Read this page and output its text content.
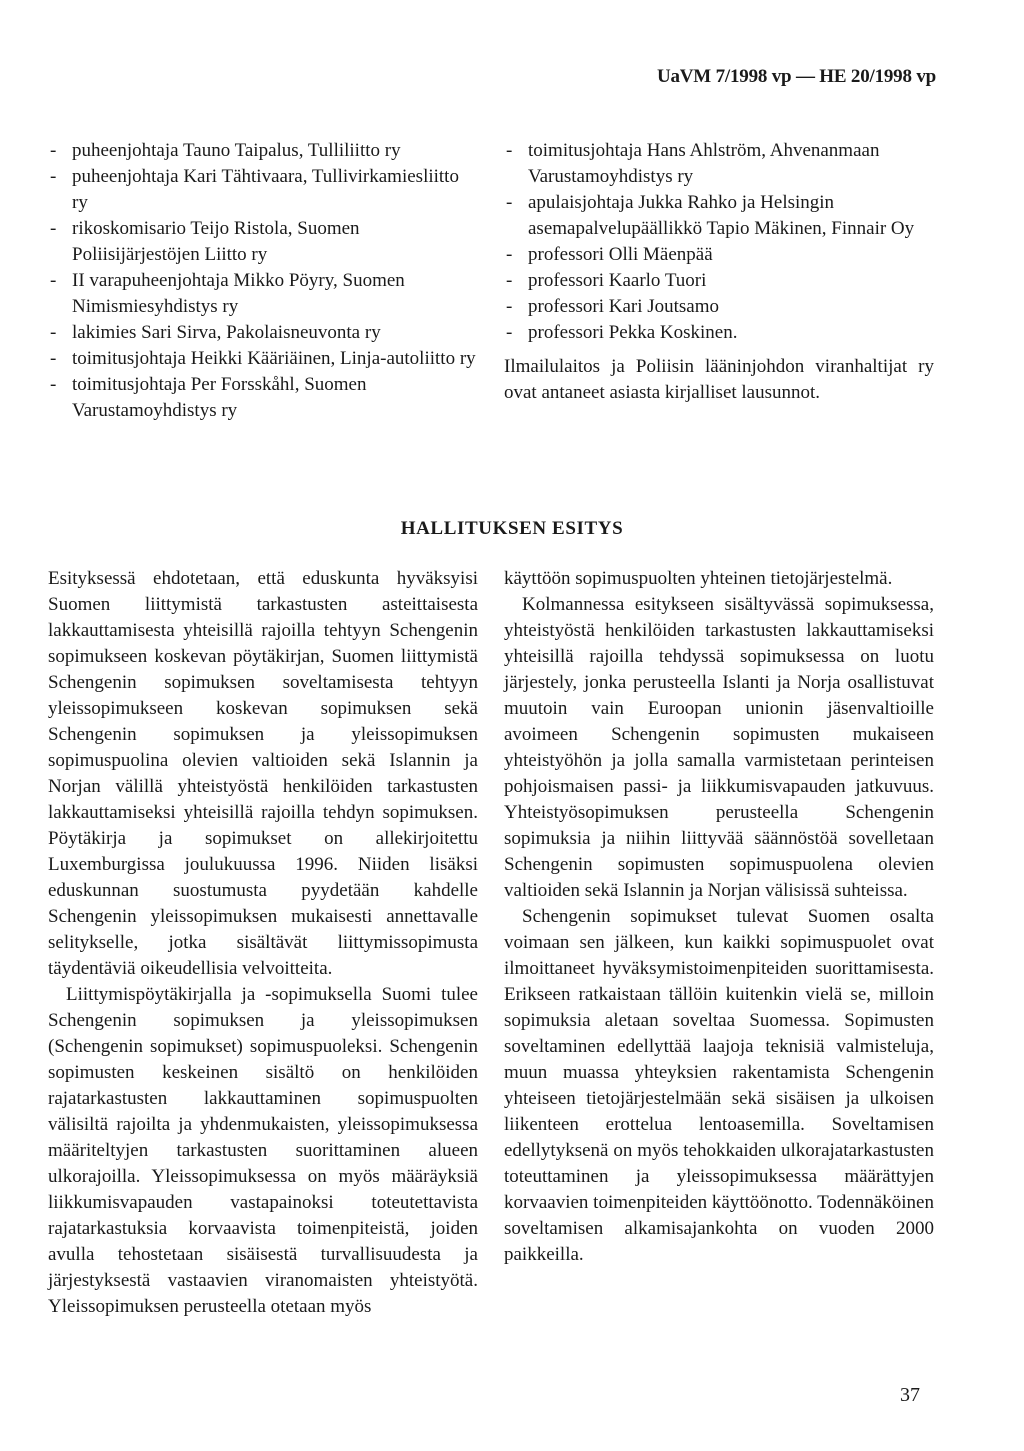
UaVM 7/1998 vp — HE 20/1998 vp
- puheenjohtaja Tauno Taipalus, Tulliliitto ry
- puheenjohtaja Kari Tähtivaara, Tullivirkamiesliitto ry
- rikoskomisario Teijo Ristola, Suomen Poliisijärjestöjen Liitto ry
- II varapuheenjohtaja Mikko Pöyry, Suomen Nimismiesyhdistys ry
- lakimies Sari Sirva, Pakolaisneuvonta ry
- toimitusjohtaja Heikki Kääriäinen, Linja-autoliitto ry
- toimitusjohtaja Per Forsskåhl, Suomen Varustamoyhdistys ry
- toimitusjohtaja Hans Ahlström, Ahvenanmaan Varustamoyhdistys ry
- apulaisjohtaja Jukka Rahko ja Helsingin asemapalvelupäällikkö Tapio Mäkinen, Finnair Oy
- professori Olli Mäenpää
- professori Kaarlo Tuori
- professori Kari Joutsamo
- professori Pekka Koskinen.

Ilmailulaitos ja Poliisin lääninjohdon viranhaltijat ry ovat antaneet asiasta kirjalliset lausunnot.

HALLITUKSEN ESITYS

Esityksessä ehdotetaan, että eduskunta hyväksyisi Suomen liittymistä tarkastusten asteittaisesta lakkauttamisesta yhteisillä rajoilla tehtyyn Schengenin sopimukseen koskevan pöytäkirjan, Suomen liittymistä Schengenin sopimuksen soveltamisesta tehtyyn yleissopimukseen koskevan sopimuksen sekä Schengenin sopimuksen ja yleissopimuksen sopimuspuolina olevien valtioiden sekä Islannin ja Norjan välillä yhteistyöstä henkilöiden tarkastusten lakkauttamiseksi yhteisillä rajoilla tehdyn sopimuksen. Pöytäkirja ja sopimukset on allekirjoitettu Luxemburgissa joulukuussa 1996. Niiden lisäksi eduskunnan suostumusta pyydetään kahdelle Schengenin yleissopimuksen mukaisesti annettavalle selitykselle, jotka sisältävät liittymissopimusta täydentäviä oikeudellisia velvoitteita.

Liittymispöytäkirjalla ja -sopimuksella Suomi tulee Schengenin sopimuksen ja yleissopimuksen (Schengenin sopimukset) sopimuspuoleksi. Schengenin sopimusten keskeinen sisältö on henkilöiden rajatarkastusten lakkauttaminen sopimuspuolten välisiltä rajoilta ja yhdenmukaisten, yleissopimuksessa määriteltyjen tarkastusten suorittaminen alueen ulkorajoilla. Yleissopimuksessa on myös määräyksiä liikkumisvapauden vastapainoksi toteutettavista rajatarkastuksia korvaavista toimenpiteistä, joiden avulla tehostetaan sisäisestä turvallisuudesta ja järjestyksestä vastaavien viranomaisten yhteistyötä. Yleissopimuksen perusteella otetaan myös

käyttöön sopimuspuolten yhteinen tietojärjestelmä.

Kolmannessa esitykseen sisältyvässä sopimuksessa, yhteistyöstä henkilöiden tarkastusten lakkauttamiseksi yhteisillä rajoilla tehdyssä sopimuksessa on luotu järjestely, jonka perusteella Islanti ja Norja osallistuvat muutoin vain Euroopan unionin jäsenvaltioille avoimeen Schengenin sopimusten mukaiseen yhteistyöhön ja jolla samalla varmistetaan perinteisen pohjoismaisen passi- ja liikkumisvapauden jatkuvuus. Yhteistyösopimuksen perusteella Schengenin sopimuksia ja niihin liittyvää säännöstöä sovelletaan Schengenin sopimusten sopimuspuolena olevien valtioiden sekä Islannin ja Norjan välisissä suhteissa.

Schengenin sopimukset tulevat Suomen osalta voimaan sen jälkeen, kun kaikki sopimuspuolet ovat ilmoittaneet hyväksymistoimenpiteiden suorittamisesta. Erikseen ratkaistaan tällöin kuitenkin vielä se, milloin sopimuksia aletaan soveltaa Suomessa. Sopimusten soveltaminen edellyttää laajoja teknisiä valmisteluja, muun muassa yhteyksien rakentamista Schengenin yhteiseen tietojärjestelmään sekä sisäisen ja ulkoisen liikenteen erottelua lentoasemilla. Soveltamisen edellytyksenä on myös tehokkaiden ulkorajatarkastusten toteuttaminen ja yleissopimuksessa määrättyjen korvaavien toimenpiteiden käyttöönotto. Todennäköinen soveltamisen alkamisajankohta on vuoden 2000 paikkeilla.

37
